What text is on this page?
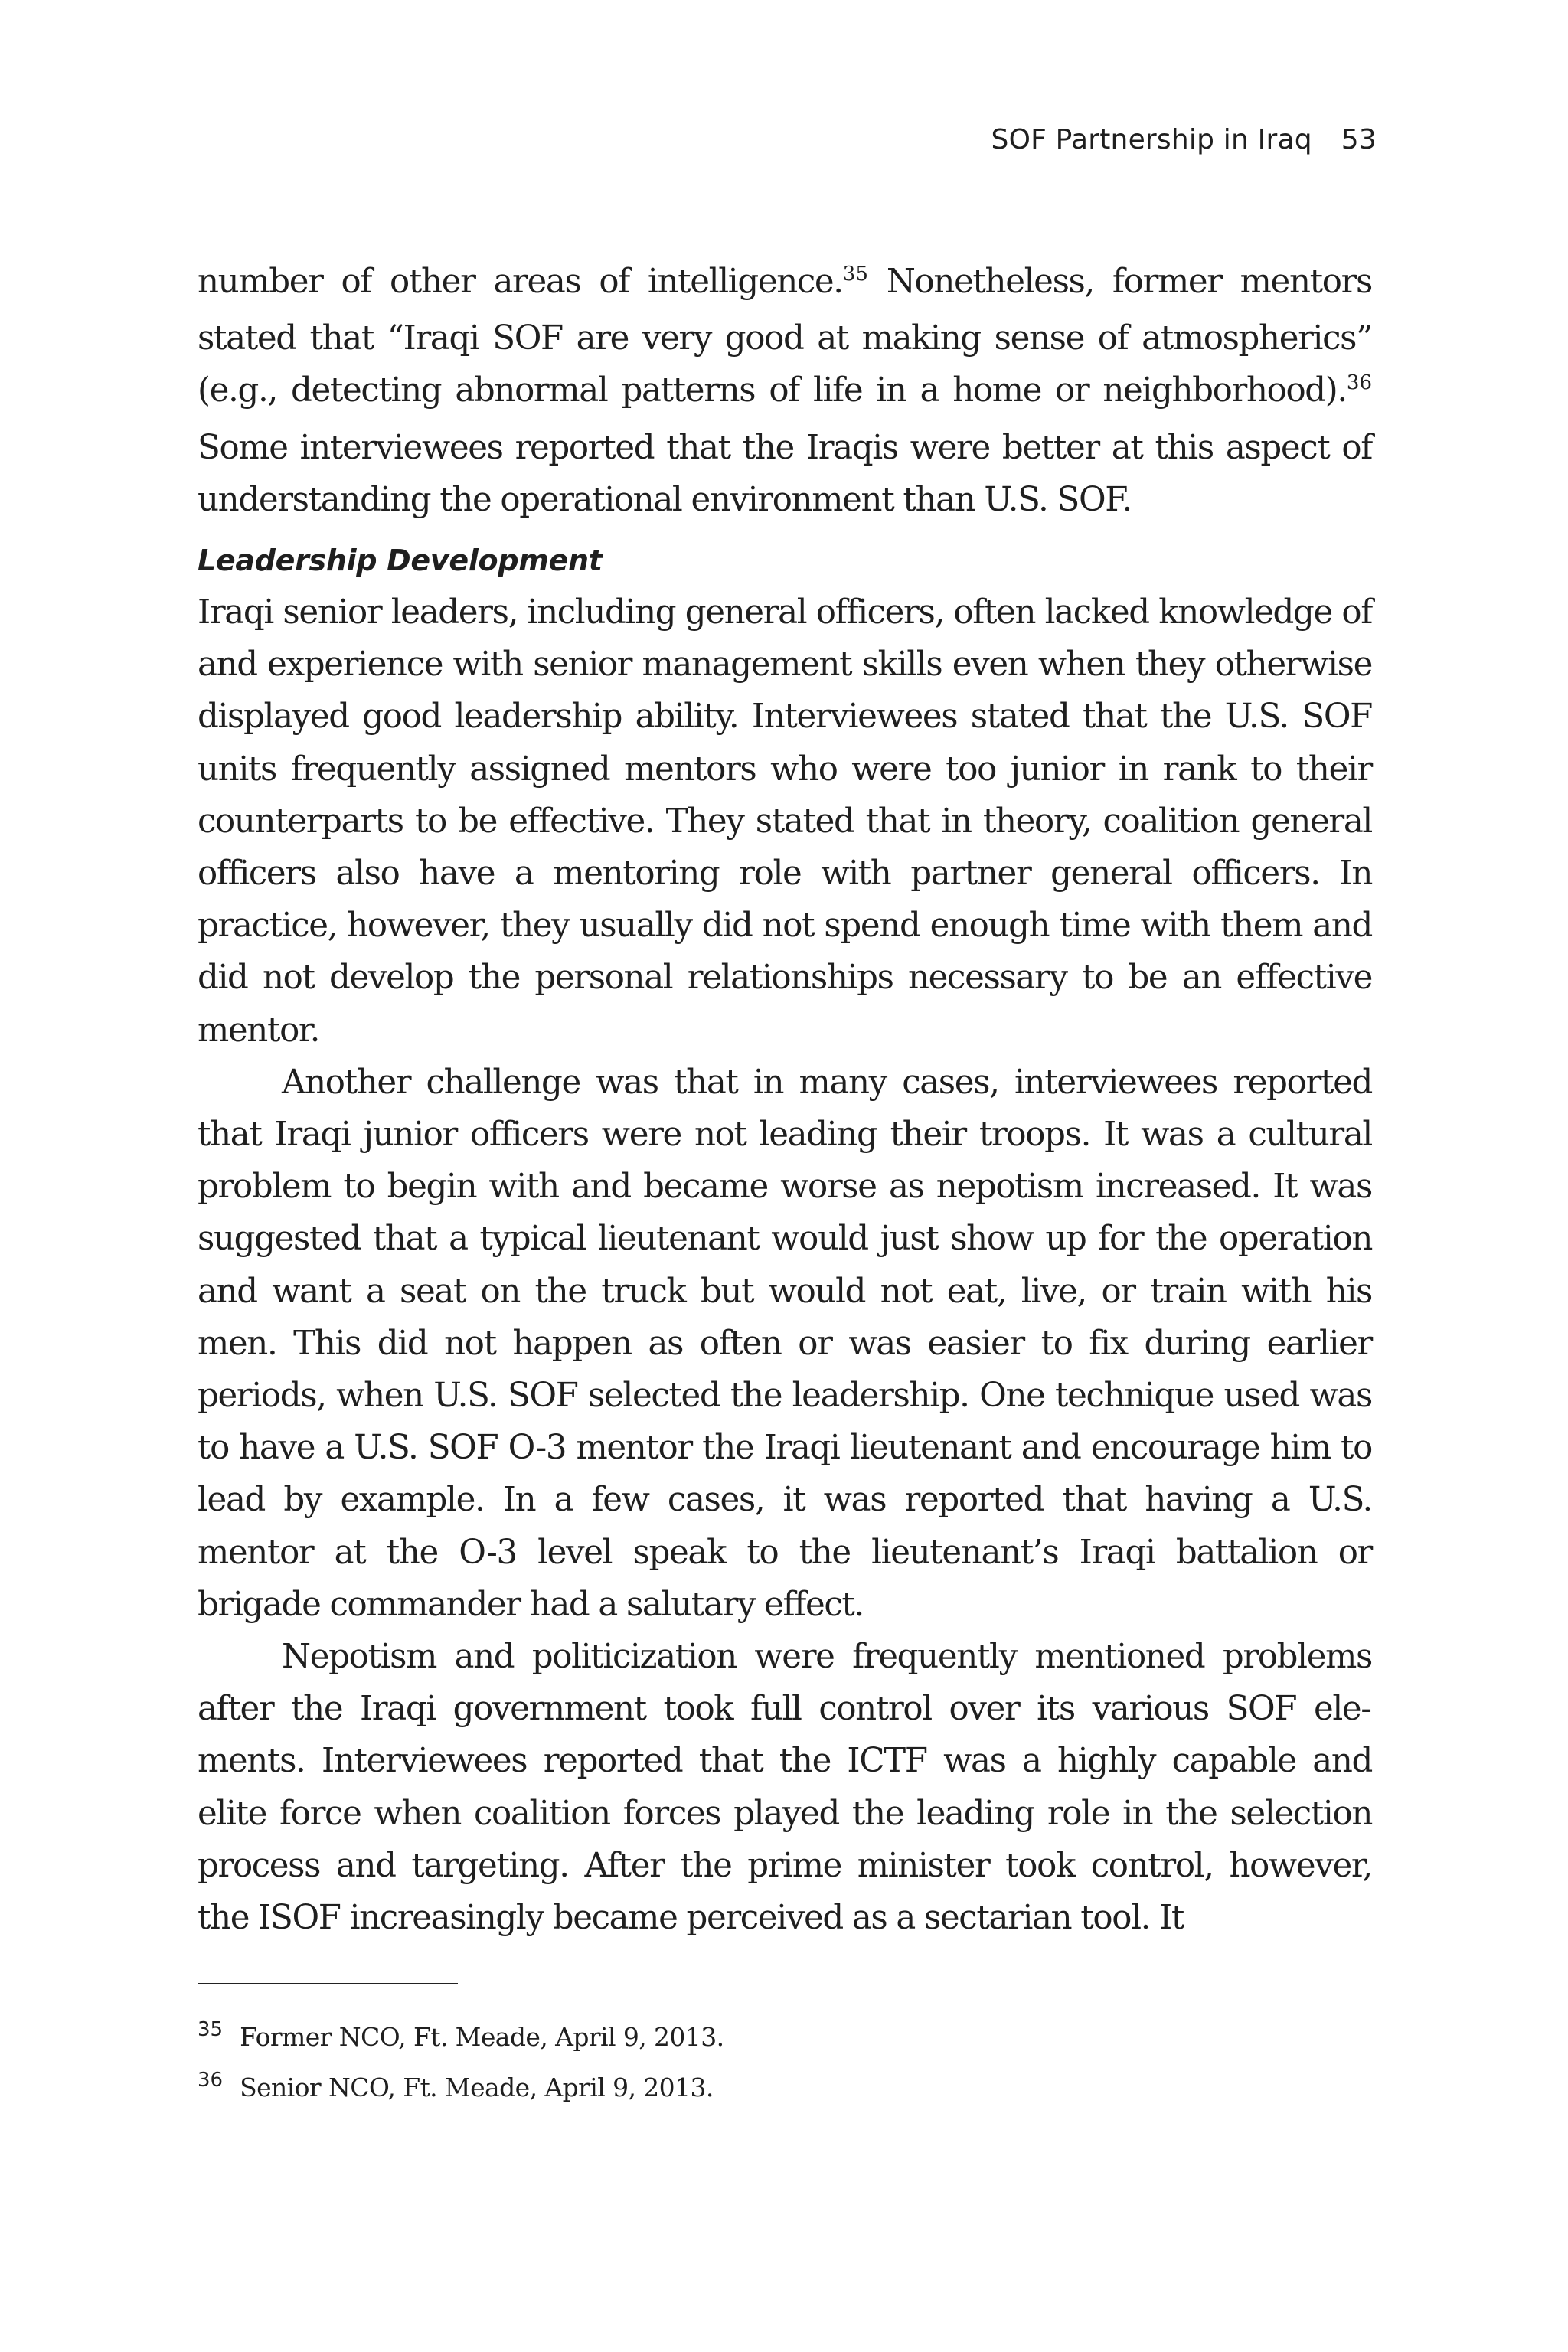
SOF Partnership in Iraq 53

number of other areas of intelligence.$^{35}$ Nonetheless, former mentors stated that “Iraqi SOF are very good at making sense of atmospherics” (e.g., detecting abnormal patterns of life in a home or neighborhood).$^{36}$ Some interviewees reported that the Iraqis were better at this aspect of understanding the operational environment than U.S. SOF.

Leadership Development

Iraqi senior leaders, including general officers, often lacked knowledge of and experience with senior management skills even when they otherwise displayed good leadership ability. Interviewees stated that the U.S. SOF units frequently assigned mentors who were too junior in rank to their counterparts to be effective. They stated that in theory, coalition general officers also have a mentoring role with partner general officers. In practice, however, they usually did not spend enough time with them and did not develop the personal relationships necessary to be an effective mentor.

Another challenge was that in many cases, interviewees reported that Iraqi junior officers were not leading their troops. It was a cultural problem to begin with and became worse as nepotism increased. It was suggested that a typical lieutenant would just show up for the operation and want a seat on the truck but would not eat, live, or train with his men. This did not happen as often or was easier to fix during earlier periods, when U.S. SOF selected the leadership. One technique used was to have a U.S. SOF O-3 mentor the Iraqi lieutenant and encourage him to lead by example. In a few cases, it was reported that having a U.S. mentor at the O-3 level speak to the lieutenant’s Iraqi battalion or brigade commander had a salutary effect.

Nepotism and politicization were frequently mentioned problems after the Iraqi government took full control over its various SOF elements. Interviewees reported that the ICTF was a highly capable and elite force when coalition forces played the leading role in the selection process and targeting. After the prime minister took control, however, the ISOF increasingly became perceived as a sectarian tool. It

$^{35}$ Former NCO, Ft. Meade, April 9, 2013.
$^{36}$ Senior NCO, Ft. Meade, April 9, 2013.
